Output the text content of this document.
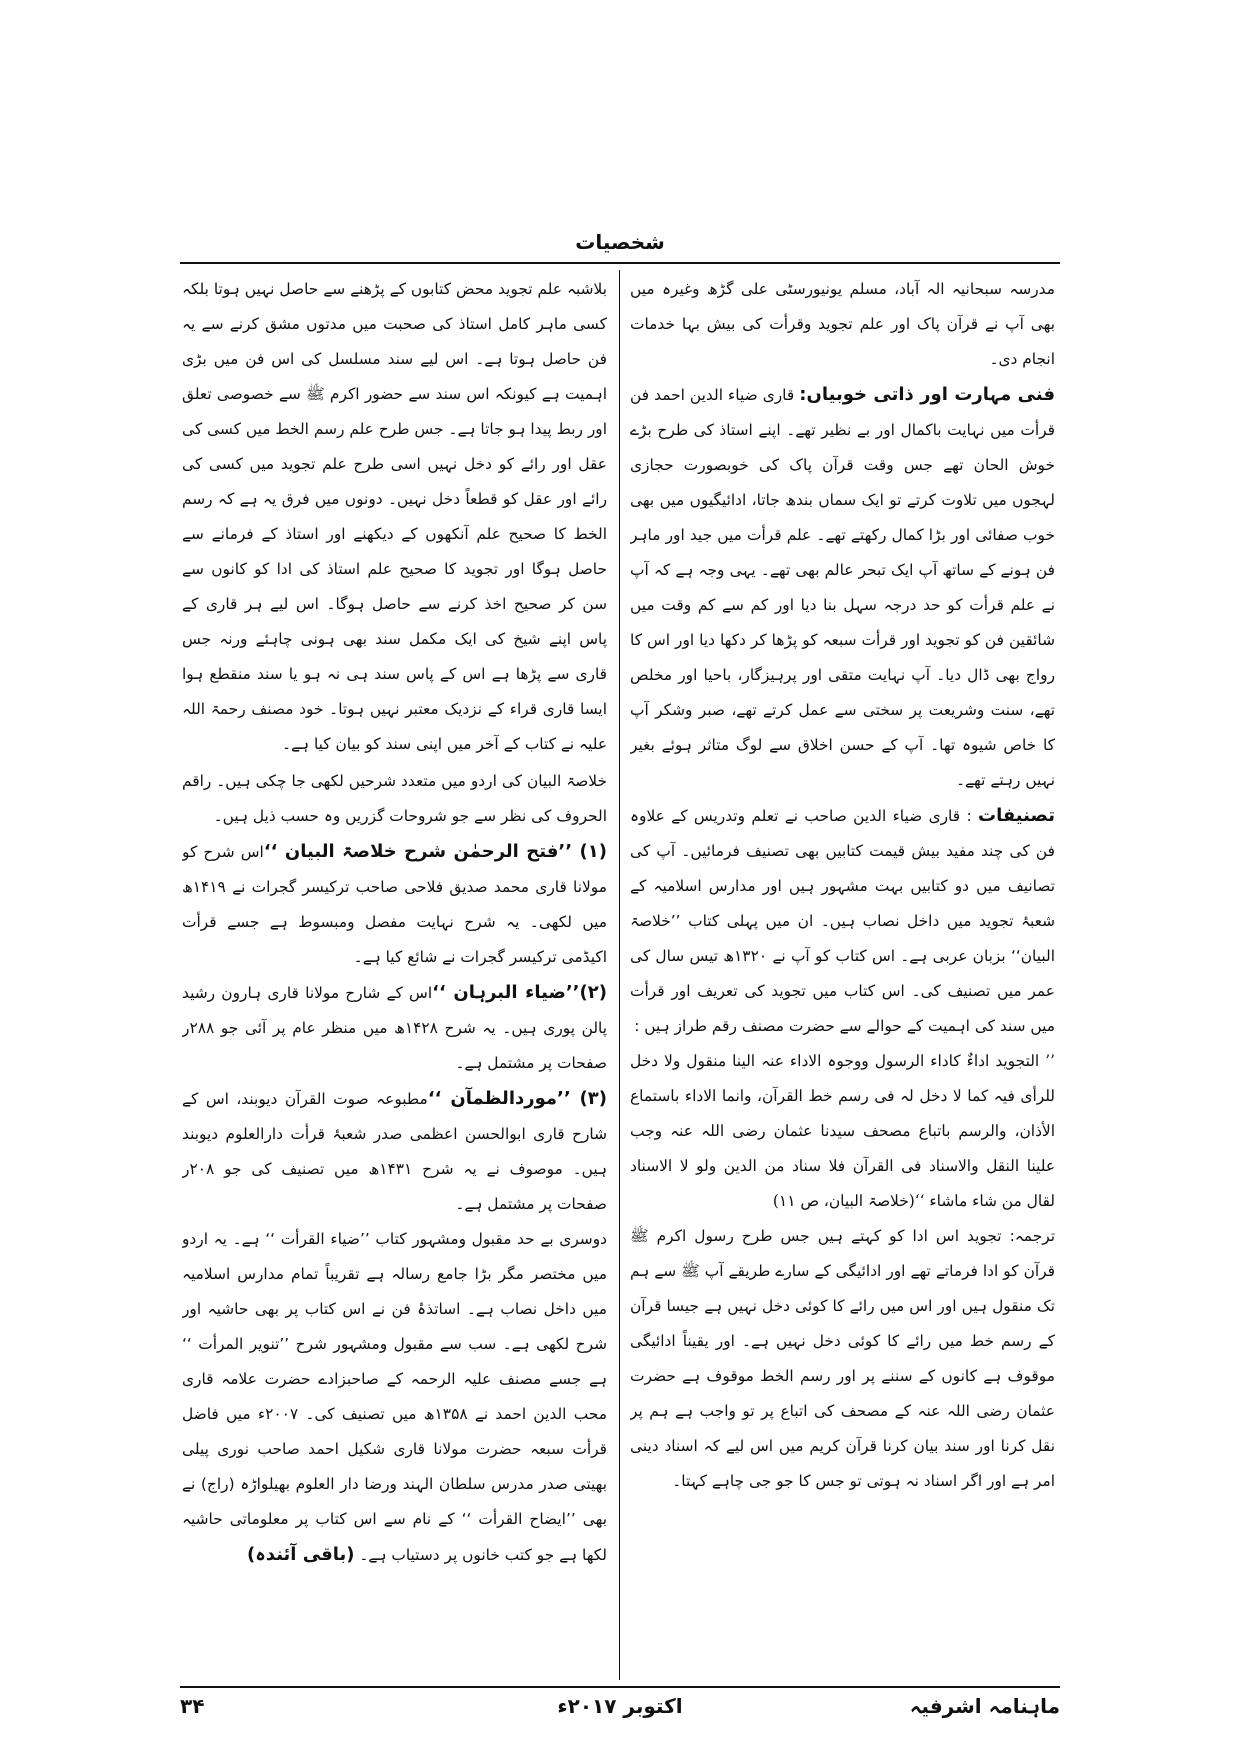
شخصیات

مدرسہ سبحانیہ الہ آباد، مسلم یونیورسٹی علی گڑھ وغیرہ میں بھی آپ نے قرآن پاک اور علم تجوید وقرأت کی بیش بہا خدمات انجام دی۔

فنی مہارت اور ذاتی خوبیاں: قاری ضیاء الدین احمد فن قرأت میں نہایت باکمال اور بے نظیر تھے۔ اپنے استاذ کی طرح بڑے خوش الحان تھے جس وقت قرآن پاک کی خوبصورت حجازی لہجوں میں تلاوت کرتے تو ایک سماں بندھ جاتا، ادائیگیوں میں بھی خوب صفائی اور بڑا کمال رکھتے تھے۔ علم قرأت میں جید اور ماہر فن ہونے کے ساتھ آپ ایک تبحر عالم بھی تھے۔ یہی وجہ ہے کہ آپ نے علم قرأت کو حد درجہ سہل بنا دیا اور کم سے کم وقت میں شائقین فن کو تجوید اور قرأت سبعہ کو پڑھا کر دکھا دیا اور اس کا رواج بھی ڈال دیا۔ آپ نہایت متقی اور پرہیزگار، باحیا اور مخلص تھے، سنت وشریعت پر سختی سے عمل کرتے تھے، صبر وشکر آپ کا خاص شیوہ تھا۔ آپ کے حسن اخلاق سے لوگ متاثر ہوئے بغیر نہیں رہتے تھے۔

تصنیفات : قاری ضیاء الدین صاحب نے تعلم وتدریس کے علاوہ فن کی چند مفید بیش قیمت کتابیں بھی تصنیف فرمائیں۔ آپ کی تصانیف میں دو کتابیں بہت مشہور ہیں اور مدارس اسلامیہ کے شعبۂ تجوید میں داخل نصاب ہیں۔ ان میں پہلی کتاب ’’خلاصۃ البیان‘‘ بزبان عربی ہے۔ اس کتاب کو آپ نے ۱۳۲۰ھ تیس سال کی عمر میں تصنیف کی۔ اس کتاب میں تجوید کی تعریف اور قرأت میں سند کی اہمیت کے حوالے سے حضرت مصنف رقم طراز ہیں :

’’ التجوید اداءٌ کاداء الرسول ووجوہ الاداء عنہ الینا منقول ولا دخل للرأی فیہ کما لا دخل لہ فی رسم خط القرآن، وانما الاداء باستماع الأذان، والرسم باتباع مصحف سیدنا عثمان رضی اللہ عنہ وجب علینا النقل والاسناد فی القرآن فلا سناد من الدین ولو لا الاسناد لقال من شاء ماشاء ‘‘(خلاصۃ البیان، ص ۱۱)

ترجمہ: تجوید اس ادا کو کہتے ہیں جس طرح رسول اکرم ﷺ قرآن کو ادا فرماتے تھے اور ادائیگی کے سارے طریقے آپ ﷺ سے ہم تک منقول ہیں اور اس میں رائے کا کوئی دخل نہیں ہے جیسا قرآن کے رسم خط میں رائے کا کوئی دخل نہیں ہے۔ اور یقیناً ادائیگی موقوف ہے کانوں کے سننے پر اور رسم الخط موقوف ہے حضرت عثمان رضی اللہ عنہ کے مصحف کی اتباع پر تو واجب ہے ہم پر نقل کرنا اور سند بیان کرنا قرآن کریم میں اس لیے کہ اسناد دینی امر ہے اور اگر اسناد نہ ہوتی تو جس کا جو جی چاہے کہتا۔

بلاشبہ علم تجوید محض کتابوں کے پڑھنے سے حاصل نہیں ہوتا بلکہ کسی ماہر کامل استاذ کی صحبت میں مدتوں مشق کرنے سے یہ فن حاصل ہوتا ہے۔ اس لیے سند مسلسل کی اس فن میں بڑی اہمیت ہے کیونکہ اس سند سے حضور اکرم ﷺ سے خصوصی تعلق اور ربط پیدا ہو جاتا ہے۔ جس طرح علم رسم الخط میں کسی کی عقل اور رائے کو دخل نہیں اسی طرح علم تجوید میں کسی کی رائے اور عقل کو قطعاً دخل نہیں۔ دونوں میں فرق یہ ہے کہ رسم الخط کا صحیح علم آنکھوں کے دیکھنے اور استاذ کے فرمانے سے حاصل ہوگا اور تجوید کا صحیح علم استاذ کی ادا کو کانوں سے سن کر صحیح اخذ کرنے سے حاصل ہوگا۔ اس لیے ہر قاری کے پاس اپنے شیخ کی ایک مکمل سند بھی ہونی چاہئے ورنہ جس قاری سے پڑھا ہے اس کے پاس سند ہی نہ ہو یا سند منقطع ہوا ایسا قاری قراء کے نزدیک معتبر نہیں ہوتا۔ خود مصنف رحمۃ اللہ علیہ نے کتاب کے آخر میں اپنی سند کو بیان کیا ہے۔

خلاصۃ البیان کی اردو میں متعدد شرحیں لکھی جا چکی ہیں۔ راقم الحروف کی نظر سے جو شروحات گزریں وہ حسب ذیل ہیں۔

(۱) ’’فتح الرحمٰن شرح خلاصۃ البیان ‘‘اس شرح کو مولانا قاری محمد صدیق فلاحی صاحب ترکیسر گجرات نے ۱۴۱۹ھ میں لکھی۔ یہ شرح نہایت مفصل ومبسوط ہے جسے قرأت اکیڈمی ترکیسر گجرات نے شائع کیا ہے۔

(۲)’’ضیاء البرہان ‘‘اس کے شارح مولانا قاری ہارون رشید پالن پوری ہیں۔ یہ شرح ۱۴۲۸ھ میں منظر عام پر آئی جو ۲۸۸ر صفحات پر مشتمل ہے۔

(۳) ’’موردالظمآن ‘‘مطبوعہ صوت القرآن دیوبند، اس کے شارح قاری ابوالحسن اعظمی صدر شعبۂ قرأت دارالعلوم دیوبند ہیں۔ موصوف نے یہ شرح ۱۴۳۱ھ میں تصنیف کی جو ۲۰۸ر صفحات پر مشتمل ہے۔

دوسری بے حد مقبول ومشہور کتاب ’’ضیاء القرأت ‘‘ ہے۔ یہ اردو میں مختصر مگر بڑا جامع رسالہ ہے تقریباً تمام مدارس اسلامیہ میں داخل نصاب ہے۔ اساتذۂ فن نے اس کتاب پر بھی حاشیہ اور شرح لکھی ہے۔ سب سے مقبول ومشہور شرح ’’تنویر المرأت ‘‘ ہے جسے مصنف علیہ الرحمہ کے صاحبزادے حضرت علامہ قاری محب الدین احمد نے ۱۳۵۸ھ میں تصنیف کی۔ ۲۰۰۷ء میں فاضل قرأت سبعہ حضرت مولانا قاری شکیل احمد صاحب نوری پیلی بھیتی صدر مدرس سلطان الہند ورضا دار العلوم بھیلواڑہ (راج) نے بھی ’’ایضاح القرأت ‘‘ کے نام سے اس کتاب پر معلوماتی حاشیہ لکھا ہے جو کتب خانوں پر دستیاب ہے۔ (باقی آئندہ)

ماہنامہ اشرفیہ
اکتوبر ۲۰۱۷ء
۳۴
